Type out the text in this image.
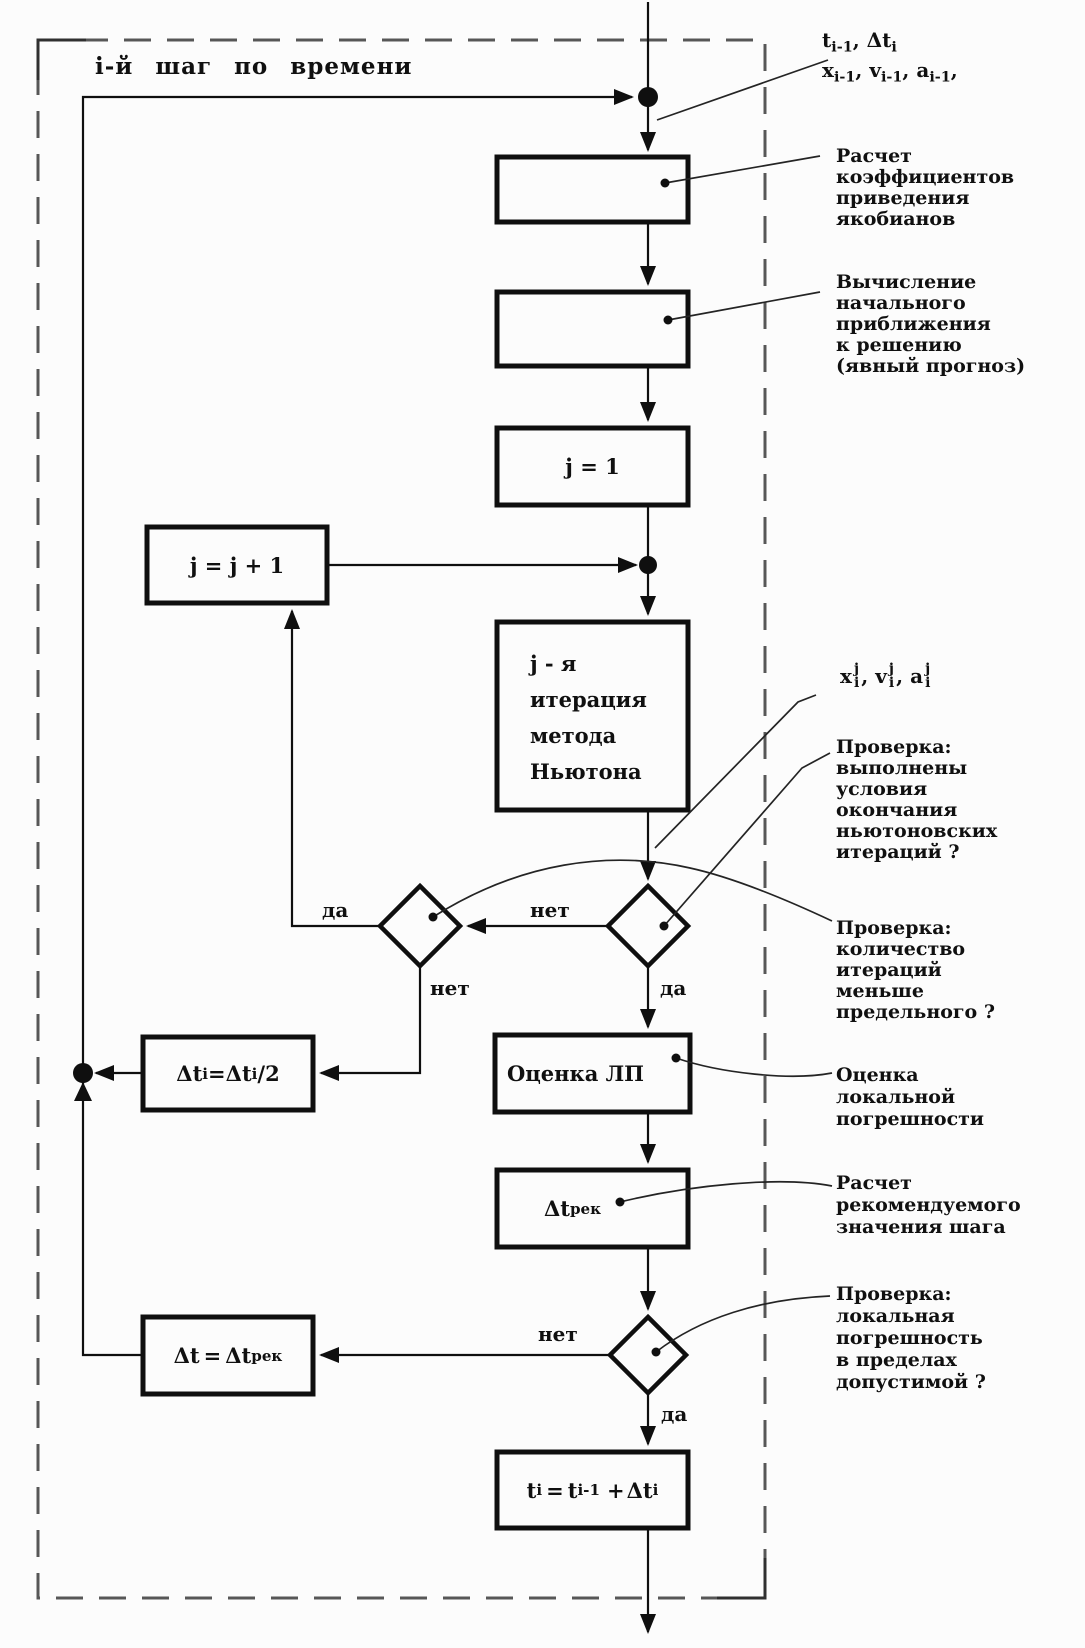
i-й шаг по времени
j = 1
j = j + 1
j - я
итерация
метода
Ньютона
Δt i = Δt i /2	Оценка ЛП
Δt рек
Δt = Δt рек
t i = t i-1 + Δt i
нет
да
да
нет
нет
да
$t_{i-1}$, $\Delta t_i$
$x_{i-1}$, $v_{i-1}$, $a_{i-1}$,
Расчет
коэффициентов
приведения
якобианов
Вычисление
начального
приближения
к решению
(явный прогноз)
x j
i , v j
i , a j
i
Проверка:
выполнены
условия
окончания
ньютоновских
итераций ?
Проверка:
количество
итераций
меньше
предельного ?
Оценка
локальной
погрешности
Расчет
рекомендуемого
значения шага
Проверка:
локальная
погрешность
в пределах
допустимой ?
